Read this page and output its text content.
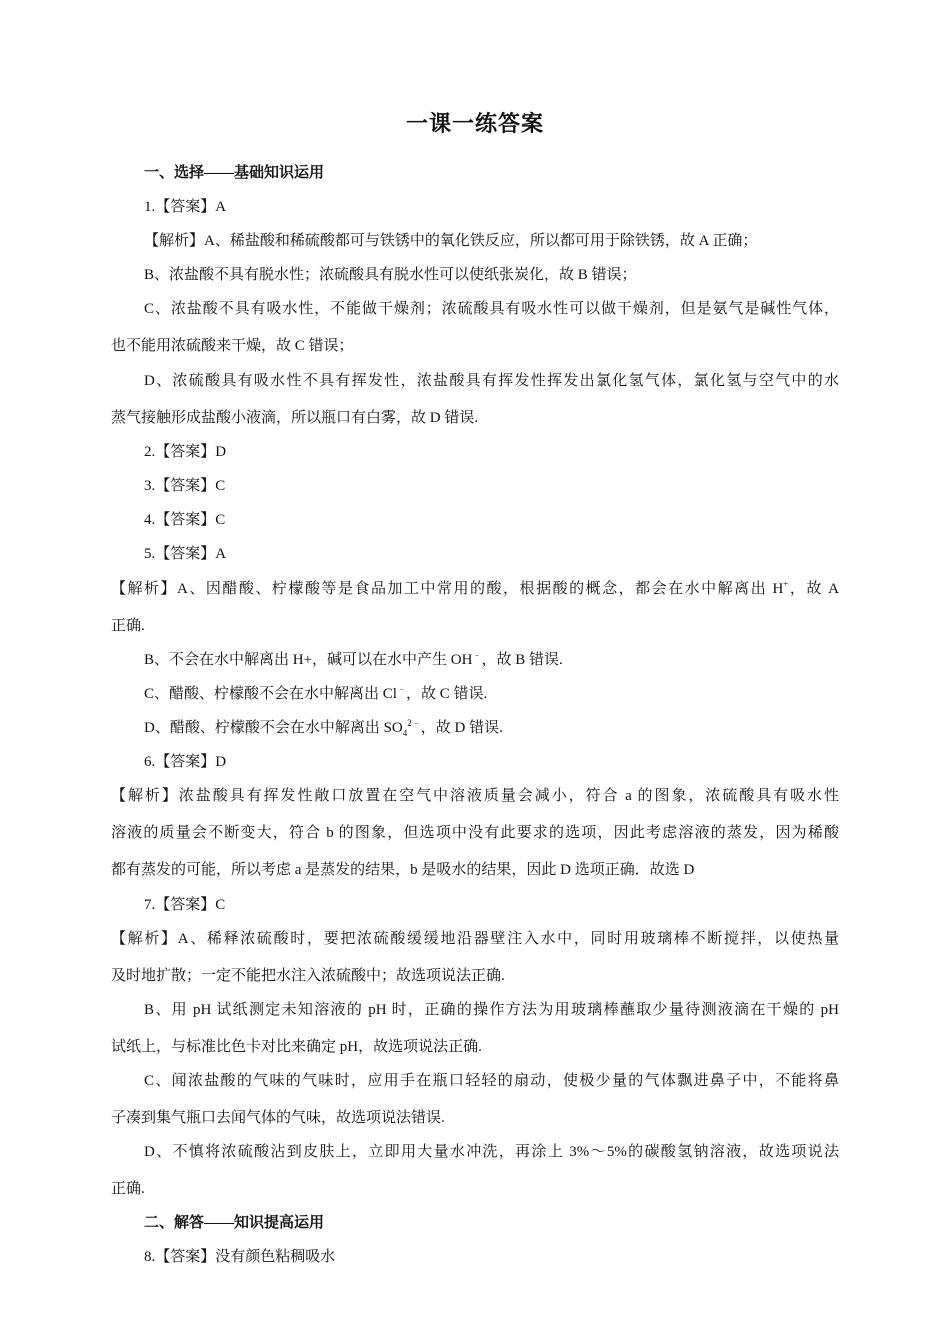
一课一练答案
一、选择——基础知识运用
1.【答案】A
【解析】A、稀盐酸和稀硫酸都可与铁锈中的氧化铁反应，所以都可用于除铁锈，故 A 正确；
B、浓盐酸不具有脱水性；浓硫酸具有脱水性可以使纸张炭化，故 B 错误；
C、浓盐酸不具有吸水性，不能做干燥剂；浓硫酸具有吸水性可以做干燥剂，但是氨气是碱性气体，
也不能用浓硫酸来干燥，故 C 错误；
D、浓硫酸具有吸水性不具有挥发性，浓盐酸具有挥发性挥发出氯化氢气体，氯化氢与空气中的水
蒸气接触形成盐酸小液滴，所以瓶口有白雾，故 D 错误.
2.【答案】D
3.【答案】C
4.【答案】C
5.【答案】A
【解析】A、因醋酸、柠檬酸等是食品加工中常用的酸，根据酸的概念，都会在水中解离出 H+，故 A
正确.
B、不会在水中解离出 H+，碱可以在水中产生 OH﹣，故 B 错误.
C、醋酸、柠檬酸不会在水中解离出 Cl﹣，故 C 错误.
D、醋酸、柠檬酸不会在水中解离出 $SO_4^{2﹣}$，故 D 错误.
6.【答案】D
【解析】浓盐酸具有挥发性敞口放置在空气中溶液质量会减小，符合 a 的图象，浓硫酸具有吸水性
溶液的质量会不断变大，符合 b 的图象，但选项中没有此要求的选项，因此考虑溶液的蒸发，因为稀酸
都有蒸发的可能，所以考虑 a 是蒸发的结果，b 是吸水的结果，因此 D 选项正确．故选 D
7.【答案】C
【解析】A、稀释浓硫酸时，要把浓硫酸缓缓地沿器壁注入水中，同时用玻璃棒不断搅拌，以使热量
及时地扩散；一定不能把水注入浓硫酸中；故选项说法正确.
B、用 pH 试纸测定未知溶液的 pH 时，正确的操作方法为用玻璃棒蘸取少量待测液滴在干燥的 pH
试纸上，与标准比色卡对比来确定 pH，故选项说法正确.
C、闻浓盐酸的气味的气味时，应用手在瓶口轻轻的扇动，使极少量的气体飘进鼻子中，不能将鼻
子凑到集气瓶口去闻气体的气味，故选项说法错误.
D、不慎将浓硫酸沾到皮肤上，立即用大量水冲洗，再涂上 3%～5%的碳酸氢钠溶液，故选项说法
正确.
二、解答——知识提高运用
8.【答案】没有颜色粘稠吸水
